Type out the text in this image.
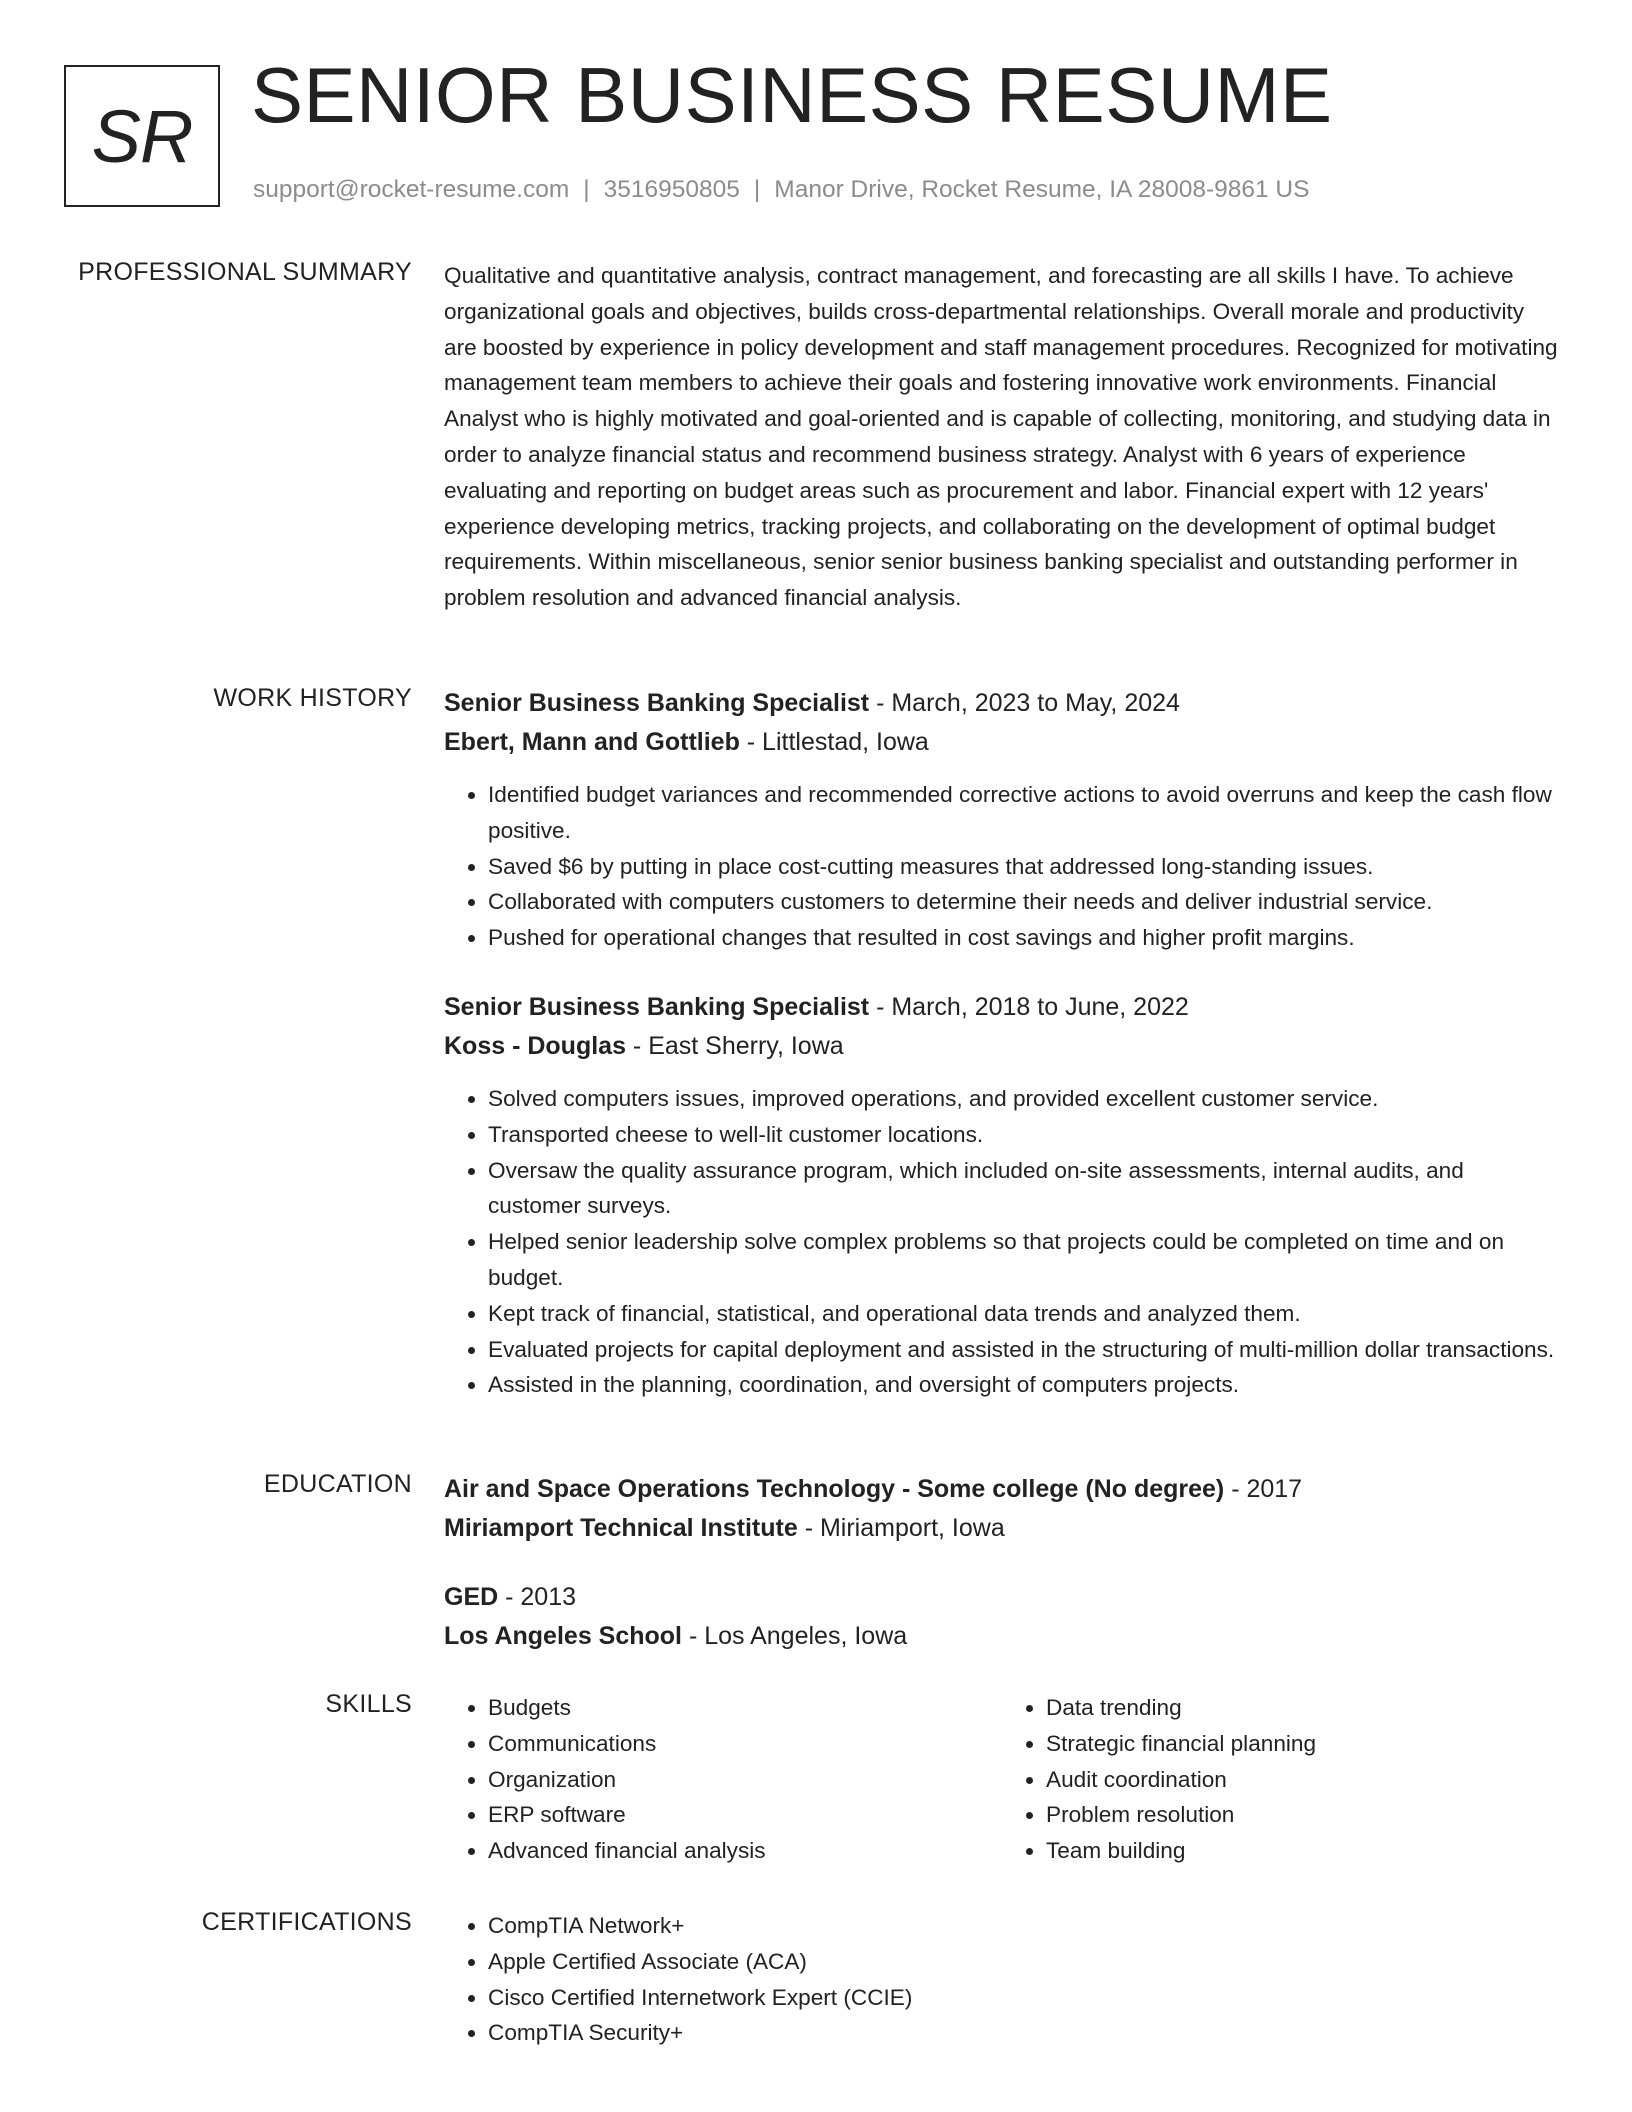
SR SENIOR BUSINESS RESUME
support@rocket-resume.com | 3516950805 | Manor Drive, Rocket Resume, IA 28008-9861 US
PROFESSIONAL SUMMARY Qualitative and quantitative analysis, contract management, and forecasting are all skills I have. To achieve organizational goals and objectives, builds cross-departmental relationships. Overall morale and productivity are boosted by experience in policy development and staff management procedures. Recognized for motivating management team members to achieve their goals and fostering innovative work environments. Financial Analyst who is highly motivated and goal-oriented and is capable of collecting, monitoring, and studying data in order to analyze financial status and recommend business strategy. Analyst with 6 years of experience evaluating and reporting on budget areas such as procurement and labor. Financial expert with 12 years' experience developing metrics, tracking projects, and collaborating on the development of optimal budget requirements. Within miscellaneous, senior senior business banking specialist and outstanding performer in problem resolution and advanced financial analysis.

WORK HISTORY Senior Business Banking Specialist - March, 2023 to May, 2024
Ebert, Mann and Gottlieb - Littlestad, Iowa
• Identified budget variances and recommended corrective actions to avoid overruns and keep the cash flow positive.
• Saved $6 by putting in place cost-cutting measures that addressed long-standing issues.
• Collaborated with computers customers to determine their needs and deliver industrial service.
• Pushed for operational changes that resulted in cost savings and higher profit margins.
Senior Business Banking Specialist - March, 2018 to June, 2022
Koss - Douglas - East Sherry, Iowa
• Solved computers issues, improved operations, and provided excellent customer service.
• Transported cheese to well-lit customer locations.
• Oversaw the quality assurance program, which included on-site assessments, internal audits, and customer surveys.
• Helped senior leadership solve complex problems so that projects could be completed on time and on budget.
• Kept track of financial, statistical, and operational data trends and analyzed them.
• Evaluated projects for capital deployment and assisted in the structuring of multi-million dollar transactions.
• Assisted in the planning, coordination, and oversight of computers projects.
EDUCATION Air and Space Operations Technology - Some college (No degree) - 2017
Miriamport Technical Institute - Miriamport, Iowa
GED - 2013
Los Angeles School - Los Angeles, Iowa
SKILLS	• Budgets
• Communications
• Organization
• ERP software
• Advanced financial analysis
• Data trending
• Strategic financial planning
• Audit coordination
• Problem resolution
• Team building
CERTIFICATIONS	• CompTIA Network+
• Apple Certified Associate (ACA)
• Cisco Certified Internetwork Expert (CCIE)
• CompTIA Security+
